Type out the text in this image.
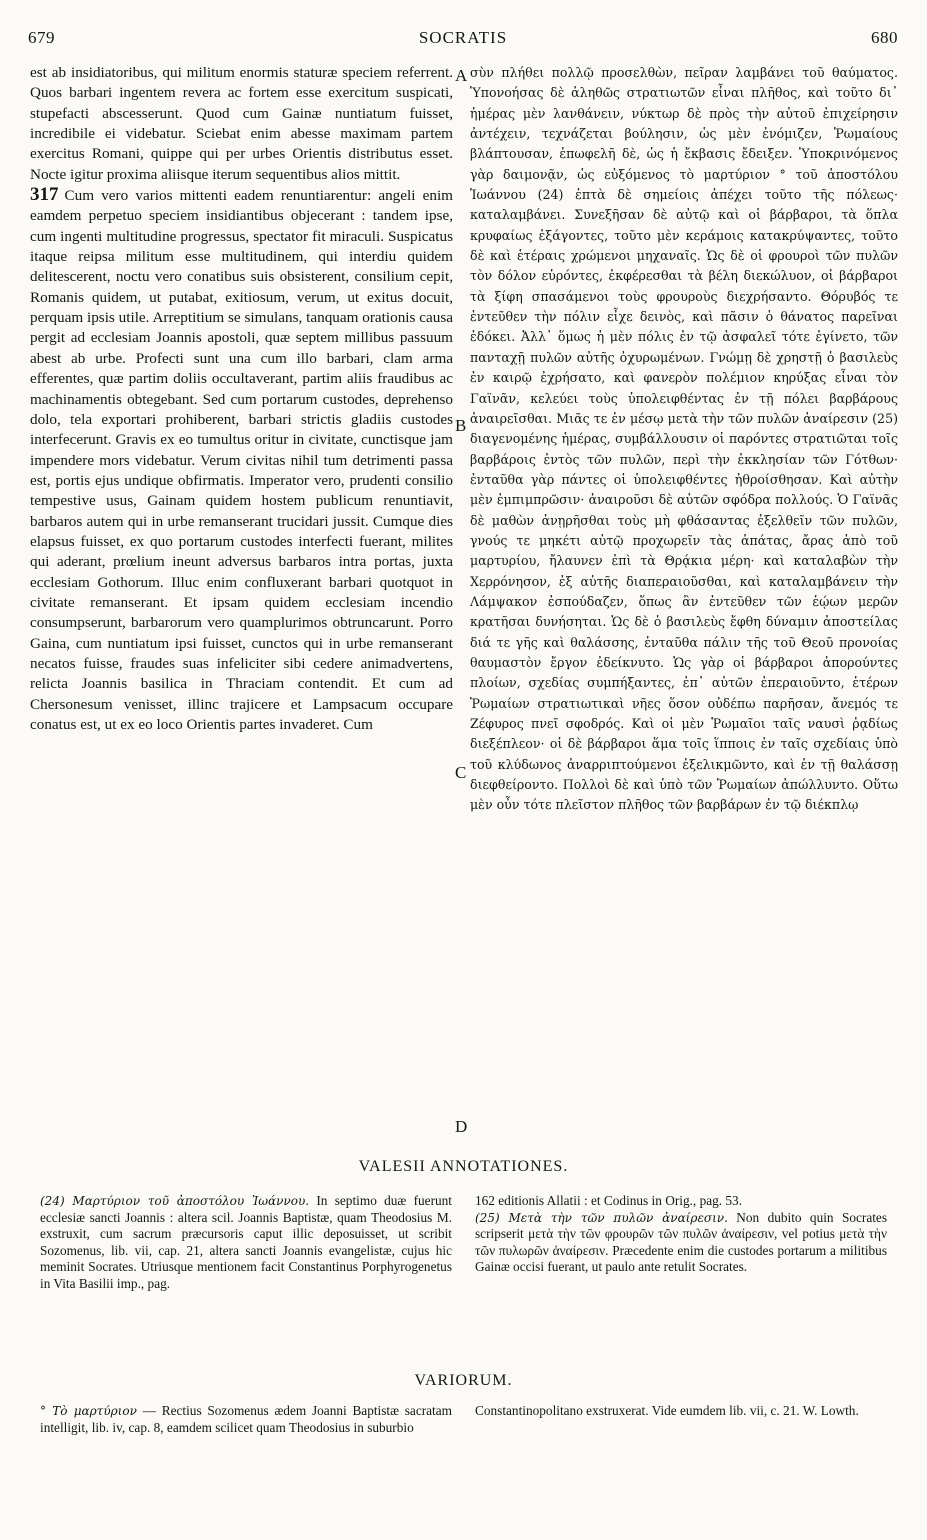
679	SOCRATIS	680

est ab insidiatoribus, qui militum enormis staturæ speciem referrent. Quos barbari ingentem revera ac fortem esse exercitum suspicati, stupefacti abscesserunt. Quod cum Gainæ nuntiatum fuisset, incredibile ei videbatur. Sciebat enim abesse maximam partem exercitus Romani, quippe qui per urbes Orientis distributus esset. Nocte igitur proxima aliisque iterum sequentibus alios mittit.

317 Cum vero varios mittenti eadem renuntiarentur: angeli enim eamdem perpetuo speciem insidiantibus objecerant : tandem ipse, cum ingenti multitudine progressus, spectator fit miraculi. Suspicatus itaque reipsa militum esse multitudinem, qui interdiu quidem delitescerent, noctu vero conatibus suis obsisterent, consilium cepit, Romanis quidem, ut putabat, exitiosum, verum, ut exitus docuit, perquam ipsis utile. Arreptitium se simulans, tanquam orationis causa pergit ad ecclesiam Joannis apostoli, quæ septem millibus passuum abest ab urbe. Profecti sunt una cum illo barbari, clam arma efferentes, quæ partim doliis occultaverant, partim aliis fraudibus ac machinamentis obtegebant. Sed cum portarum custodes, deprehenso dolo, tela exportari prohiberent, barbari strictis gladiis custodes interfecerunt. Gravis ex eo tumultus oritur in civitate, cunctisque jam impendere mors videbatur. Verum civitas nihil tum detrimenti passa est, portis ejus undique obfirmatis. Imperator vero, prudenti consilio tempestive usus, Gainam quidem hostem publicum renuntiavit, barbaros autem qui in urbe remanserant trucidari jussit. Cumque dies elapsus fuisset, ex quo portarum custodes interfecti fuerant, milites qui aderant, prœlium ineunt adversus barbaros intra portas, juxta ecclesiam Gothorum. Illuc enim confluxerant barbari quotquot in civitate remanserant. Et ipsam quidem ecclesiam incendio consumpserunt, barbarorum vero quamplurimos obtruncarunt. Porro Gaina, cum nuntiatum ipsi fuisset, cunctos qui in urbe remanserant necatos fuisse, fraudes suas infeliciter sibi cedere animadvertens, relicta Joannis basilica in Thraciam contendit. Et cum ad Chersonesum venisset, illinc trajicere et Lampsacum occupare conatus est, ut ex eo loco Orientis partes invaderet. Cum

A
B
C
D

σὺν πλήθει πολλῷ προσελθὼν, πεῖραν λαμβάνει τοῦ θαύματος. Ὑπονοήσας δὲ ἀληθῶς στρατιωτῶν εἶναι πλῆθος, καὶ τοῦτο δι᾽ ἡμέρας μὲν λανθάνειν, νύκτωρ δὲ πρὸς τὴν αὐτοῦ ἐπιχείρησιν ἀντέχειν, τεχνάζεται βούλησιν, ὡς μὲν ἐνόμιζεν, Ῥωμαίους βλάπτουσαν, ἐπωφελῆ δὲ, ὡς ἡ ἔκβασις ἔδειξεν. Ὑποκρινόμενος γὰρ δαιμονᾷν, ὡς εὐξόμενος τὸ μαρτύριον ° τοῦ ἀποστόλου Ἰωάννου (24) ἑπτὰ δὲ σημείοις ἀπέχει τοῦτο τῆς πόλεως· καταλαμβάνει. Συνεξῆσαν δὲ αὐτῷ καὶ οἱ βάρβαροι, τὰ ὅπλα κρυφαίως ἐξάγοντες, τοῦτο μὲν κεράμοις κατακρύψαντες, τοῦτο δὲ καὶ ἑτέραις χρώμενοι μηχαναῖς. Ὡς δὲ οἱ φρουροὶ τῶν πυλῶν τὸν δόλον εὑρόντες, ἐκφέρεσθαι τὰ βέλη διεκώλυον, οἱ βάρβαροι τὰ ξίφη σπασάμενοι τοὺς φρουροὺς διεχρήσαντο. Θόρυβός τε ἐντεῦθεν τὴν πόλιν εἶχε δεινὸς, καὶ πᾶσιν ὁ θάνατος παρεῖναι ἐδόκει. Ἀλλ᾽ ὅμως ἡ μὲν πόλις ἐν τῷ ἀσφαλεῖ τότε ἐγίνετο, τῶν πανταχῇ πυλῶν αὐτῆς ὀχυρωμένων. Γνώμῃ δὲ χρηστῇ ὁ βασιλεὺς ἐν καιρῷ ἐχρήσατο, καὶ φανερὸν πολέμιον κηρύξας εἶναι τὸν Γαϊνᾶν, κελεύει τοὺς ὑπολειφθέντας ἐν τῇ πόλει βαρβάρους ἀναιρεῖσθαι. Μιᾶς τε ἐν μέσῳ μετὰ τὴν τῶν πυλῶν ἀναίρεσιν (25) διαγενομένης ἡμέρας, συμβάλλουσιν οἱ παρόντες στρατιῶται τοῖς βαρβάροις ἐντὸς τῶν πυλῶν, περὶ τὴν ἐκκλησίαν τῶν Γότθων· ἐνταῦθα γὰρ πάντες οἱ ὑπολειφθέντες ἠθροίσθησαν. Καὶ αὐτὴν μὲν ἐμπιμπρῶσιν· ἀναιροῦσι δὲ αὐτῶν σφόδρα πολλούς. Ὁ Γαϊνᾶς δὲ μαθὼν ἀνῃρῆσθαι τοὺς μὴ φθάσαντας ἐξελθεῖν τῶν πυλῶν, γνούς τε μηκέτι αὐτῷ προχωρεῖν τὰς ἀπάτας, ἄρας ἀπὸ τοῦ μαρτυρίου, ἤλαυνεν ἐπὶ τὰ Θρᾴκια μέρη· καὶ καταλαβὼν τὴν Χερρόνησον, ἐξ αὐτῆς διαπεραιοῦσθαι, καὶ καταλαμβάνειν τὴν Λάμψακον ἐσπούδαζεν, ὅπως ἂν ἐντεῦθεν τῶν ἑῴων μερῶν κρατῆσαι δυνήσηται. Ὡς δὲ ὁ βασιλεὺς ἔφθη δύναμιν ἀποστείλας διά τε γῆς καὶ θαλάσσης, ἐνταῦθα πάλιν τῆς τοῦ Θεοῦ προνοίας θαυμαστὸν ἔργον ἐδείκνυτο. Ὡς γὰρ οἱ βάρβαροι ἀπορούντες πλοίων, σχεδίας συμπήξαντες, ἐπ᾽ αὐτῶν ἐπεραιοῦντο, ἑτέρων Ῥωμαίων στρατιωτικαὶ νῆες ὅσον οὐδέπω παρῆσαν, ἄνεμός τε Ζέφυρος πνεῖ σφοδρός. Καὶ οἱ μὲν Ῥωμαῖοι ταῖς ναυσὶ ῥᾳδίως διεξέπλεον· οἱ δὲ βάρβαροι ἅμα τοῖς ἵπποις ἐν ταῖς σχεδίαις ὑπὸ τοῦ κλύδωνος ἀναρριπτούμενοι ἐξελικμῶντο, καὶ ἐν τῇ θαλάσσῃ διεφθείροντο. Πολλοὶ δὲ καὶ ὑπὸ τῶν Ῥωμαίων ἀπώλλυντο. Οὕτω μὲν οὖν τότε πλεῖστον πλῆθος τῶν βαρβάρων ἐν τῷ διέκπλῳ

VALESII ANNOTATIONES.

(24) Μαρτύριον τοῦ ἀποστόλου Ἰωάννου. In septimo duæ fuerunt ecclesiæ sancti Joannis : altera scil. Joannis Baptistæ, quam Theodosius M. exstruxit, cum sacrum præcursoris caput illic deposuisset, ut scribit Sozomenus, lib. vii, cap. 21, altera sancti Joannis evangelistæ, cujus hic meminit Socrates. Utriusque mentionem facit Constantinus Porphyrogenetus in Vita Basilii imp., pag.

162 editionis Allatii : et Codinus in Orig., pag. 53.

(25) Μετὰ τὴν τῶν πυλῶν ἀναίρεσιν. Non dubito quin Socrates scripserit μετὰ τὴν τῶν φρουρῶν τῶν πυλῶν ἀναίρεσιν, vel potius μετὰ τὴν τῶν πυλωρῶν ἀναίρεσιν. Præcedente enim die custodes portarum a militibus Gainæ occisi fuerant, ut paulo ante retulit Socrates.

VARIORUM.

° Τὸ μαρτύριον — Rectius Sozomenus ædem Joanni Baptistæ sacratam intelligit, lib. iv, cap. 8, eamdem scilicet quam Theodosius in suburbio

Constantinopolitano exstruxerat. Vide eumdem lib. vii, c. 21. W. Lowth.
